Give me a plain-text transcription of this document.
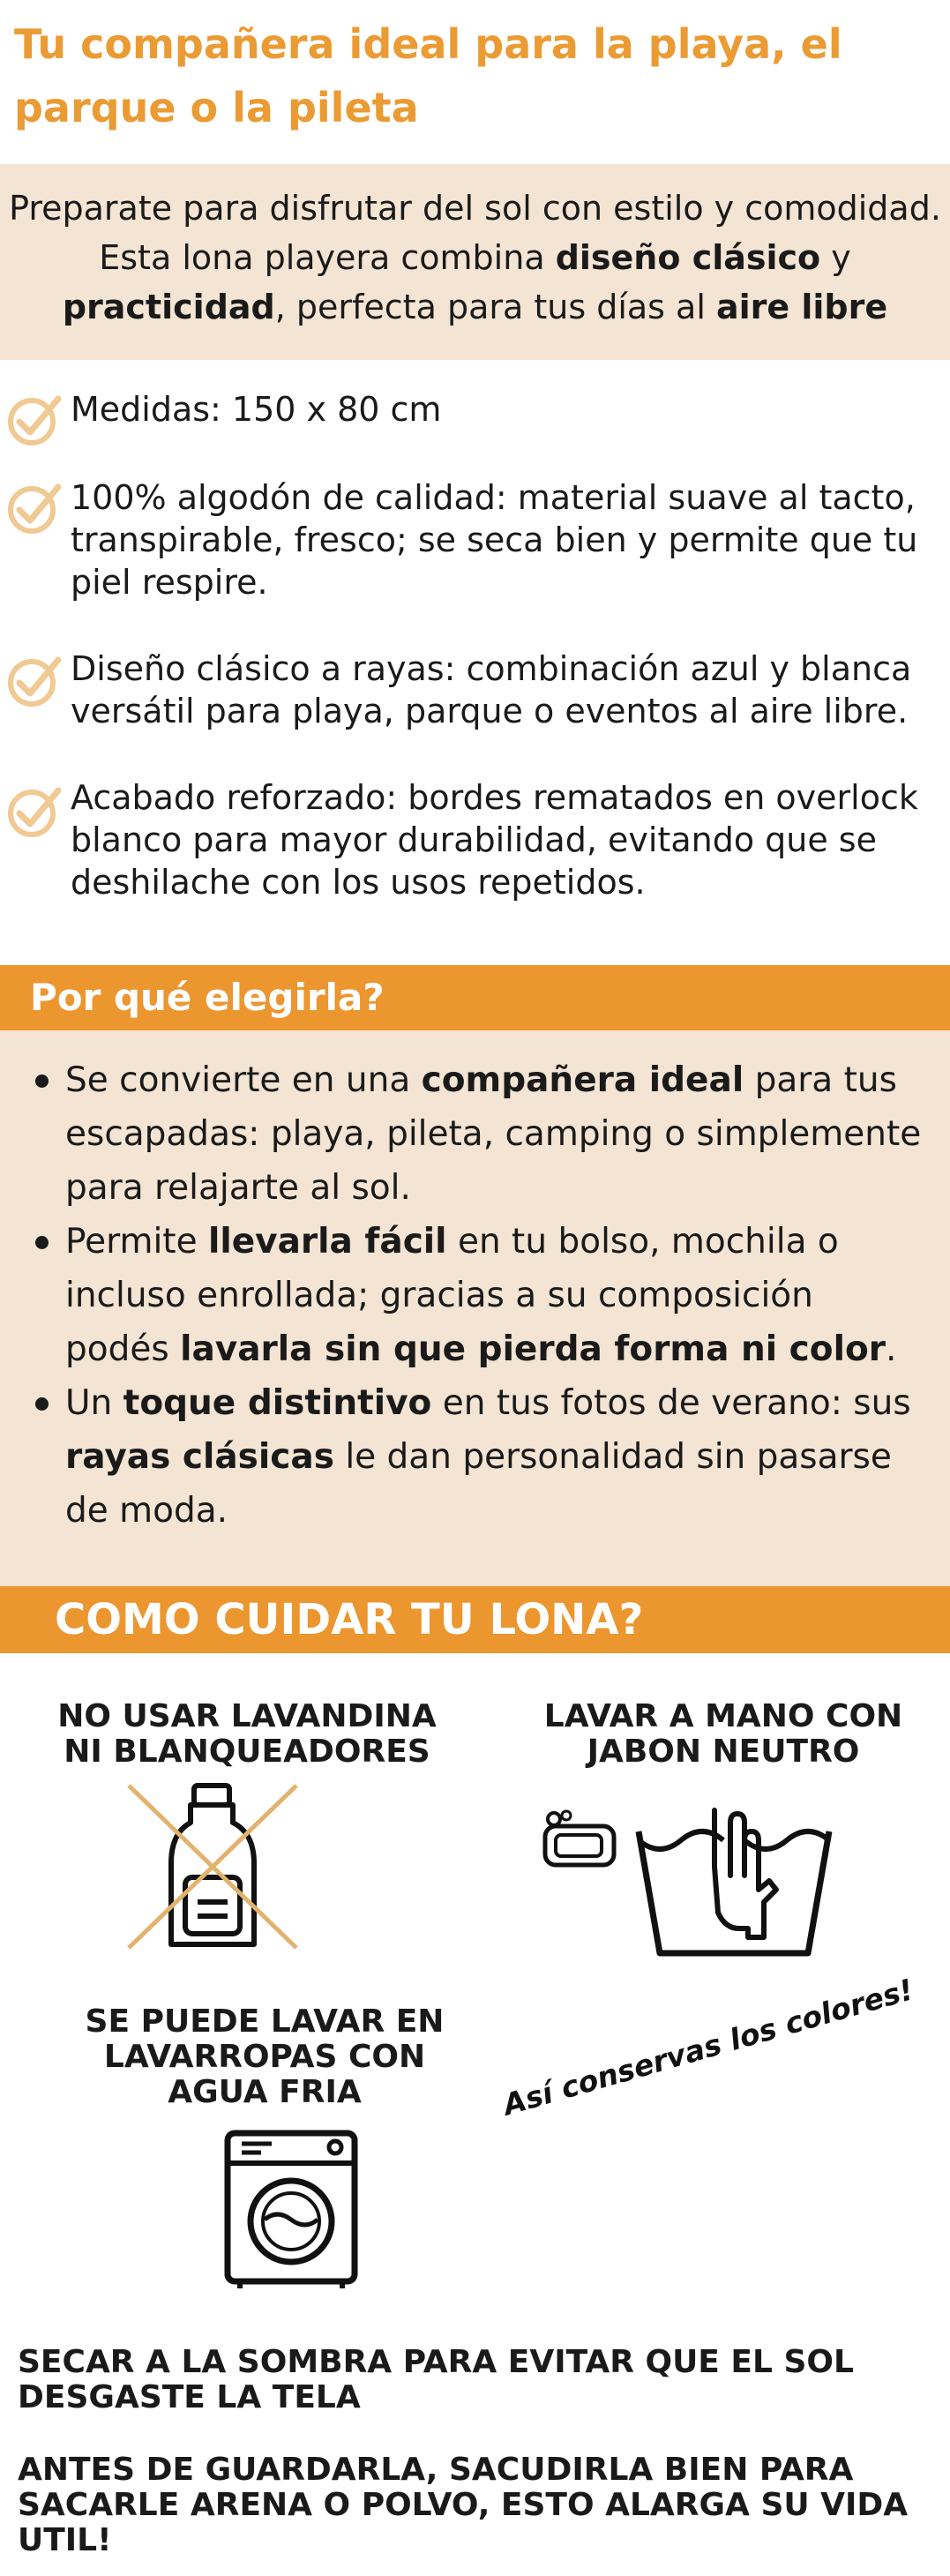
Tu compañera ideal para la playa, el parque o la pileta
Preparate para disfrutar del sol con estilo y comodidad. Esta lona playera combina diseño clásico y practicidad, perfecta para tus días al aire libre
Medidas: 150 x 80 cm
100% algodón de calidad: material suave al tacto, transpirable, fresco; se seca bien y permite que tu piel respire.
Diseño clásico a rayas: combinación azul y blanca versátil para playa, parque o eventos al aire libre.
Acabado reforzado: bordes rematados en overlock blanco para mayor durabilidad, evitando que se deshilache con los usos repetidos.
Por qué elegirla?
Se convierte en una compañera ideal para tus escapadas: playa, pileta, camping o simplemente para relajarte al sol.
Permite llevarla fácil en tu bolso, mochila o incluso enrollada; gracias a su composición podés lavarla sin que pierda forma ni color.
Un toque distintivo en tus fotos de verano: sus rayas clásicas le dan personalidad sin pasarse de moda.
COMO CUIDAR TU LONA?
NO USAR LAVANDINA NI BLANQUEADORES
LAVAR A MANO CON JABON NEUTRO
SE PUEDE LAVAR EN LAVARROPAS CON AGUA FRIA	Así conservas los colores!
SECAR A LA SOMBRA PARA EVITAR QUE EL SOL DESGASTE LA TELA
ANTES DE GUARDARLA, SACUDIRLA BIEN PARA SACARLE ARENA O POLVO, ESTO ALARGA SU VIDA UTIL!
